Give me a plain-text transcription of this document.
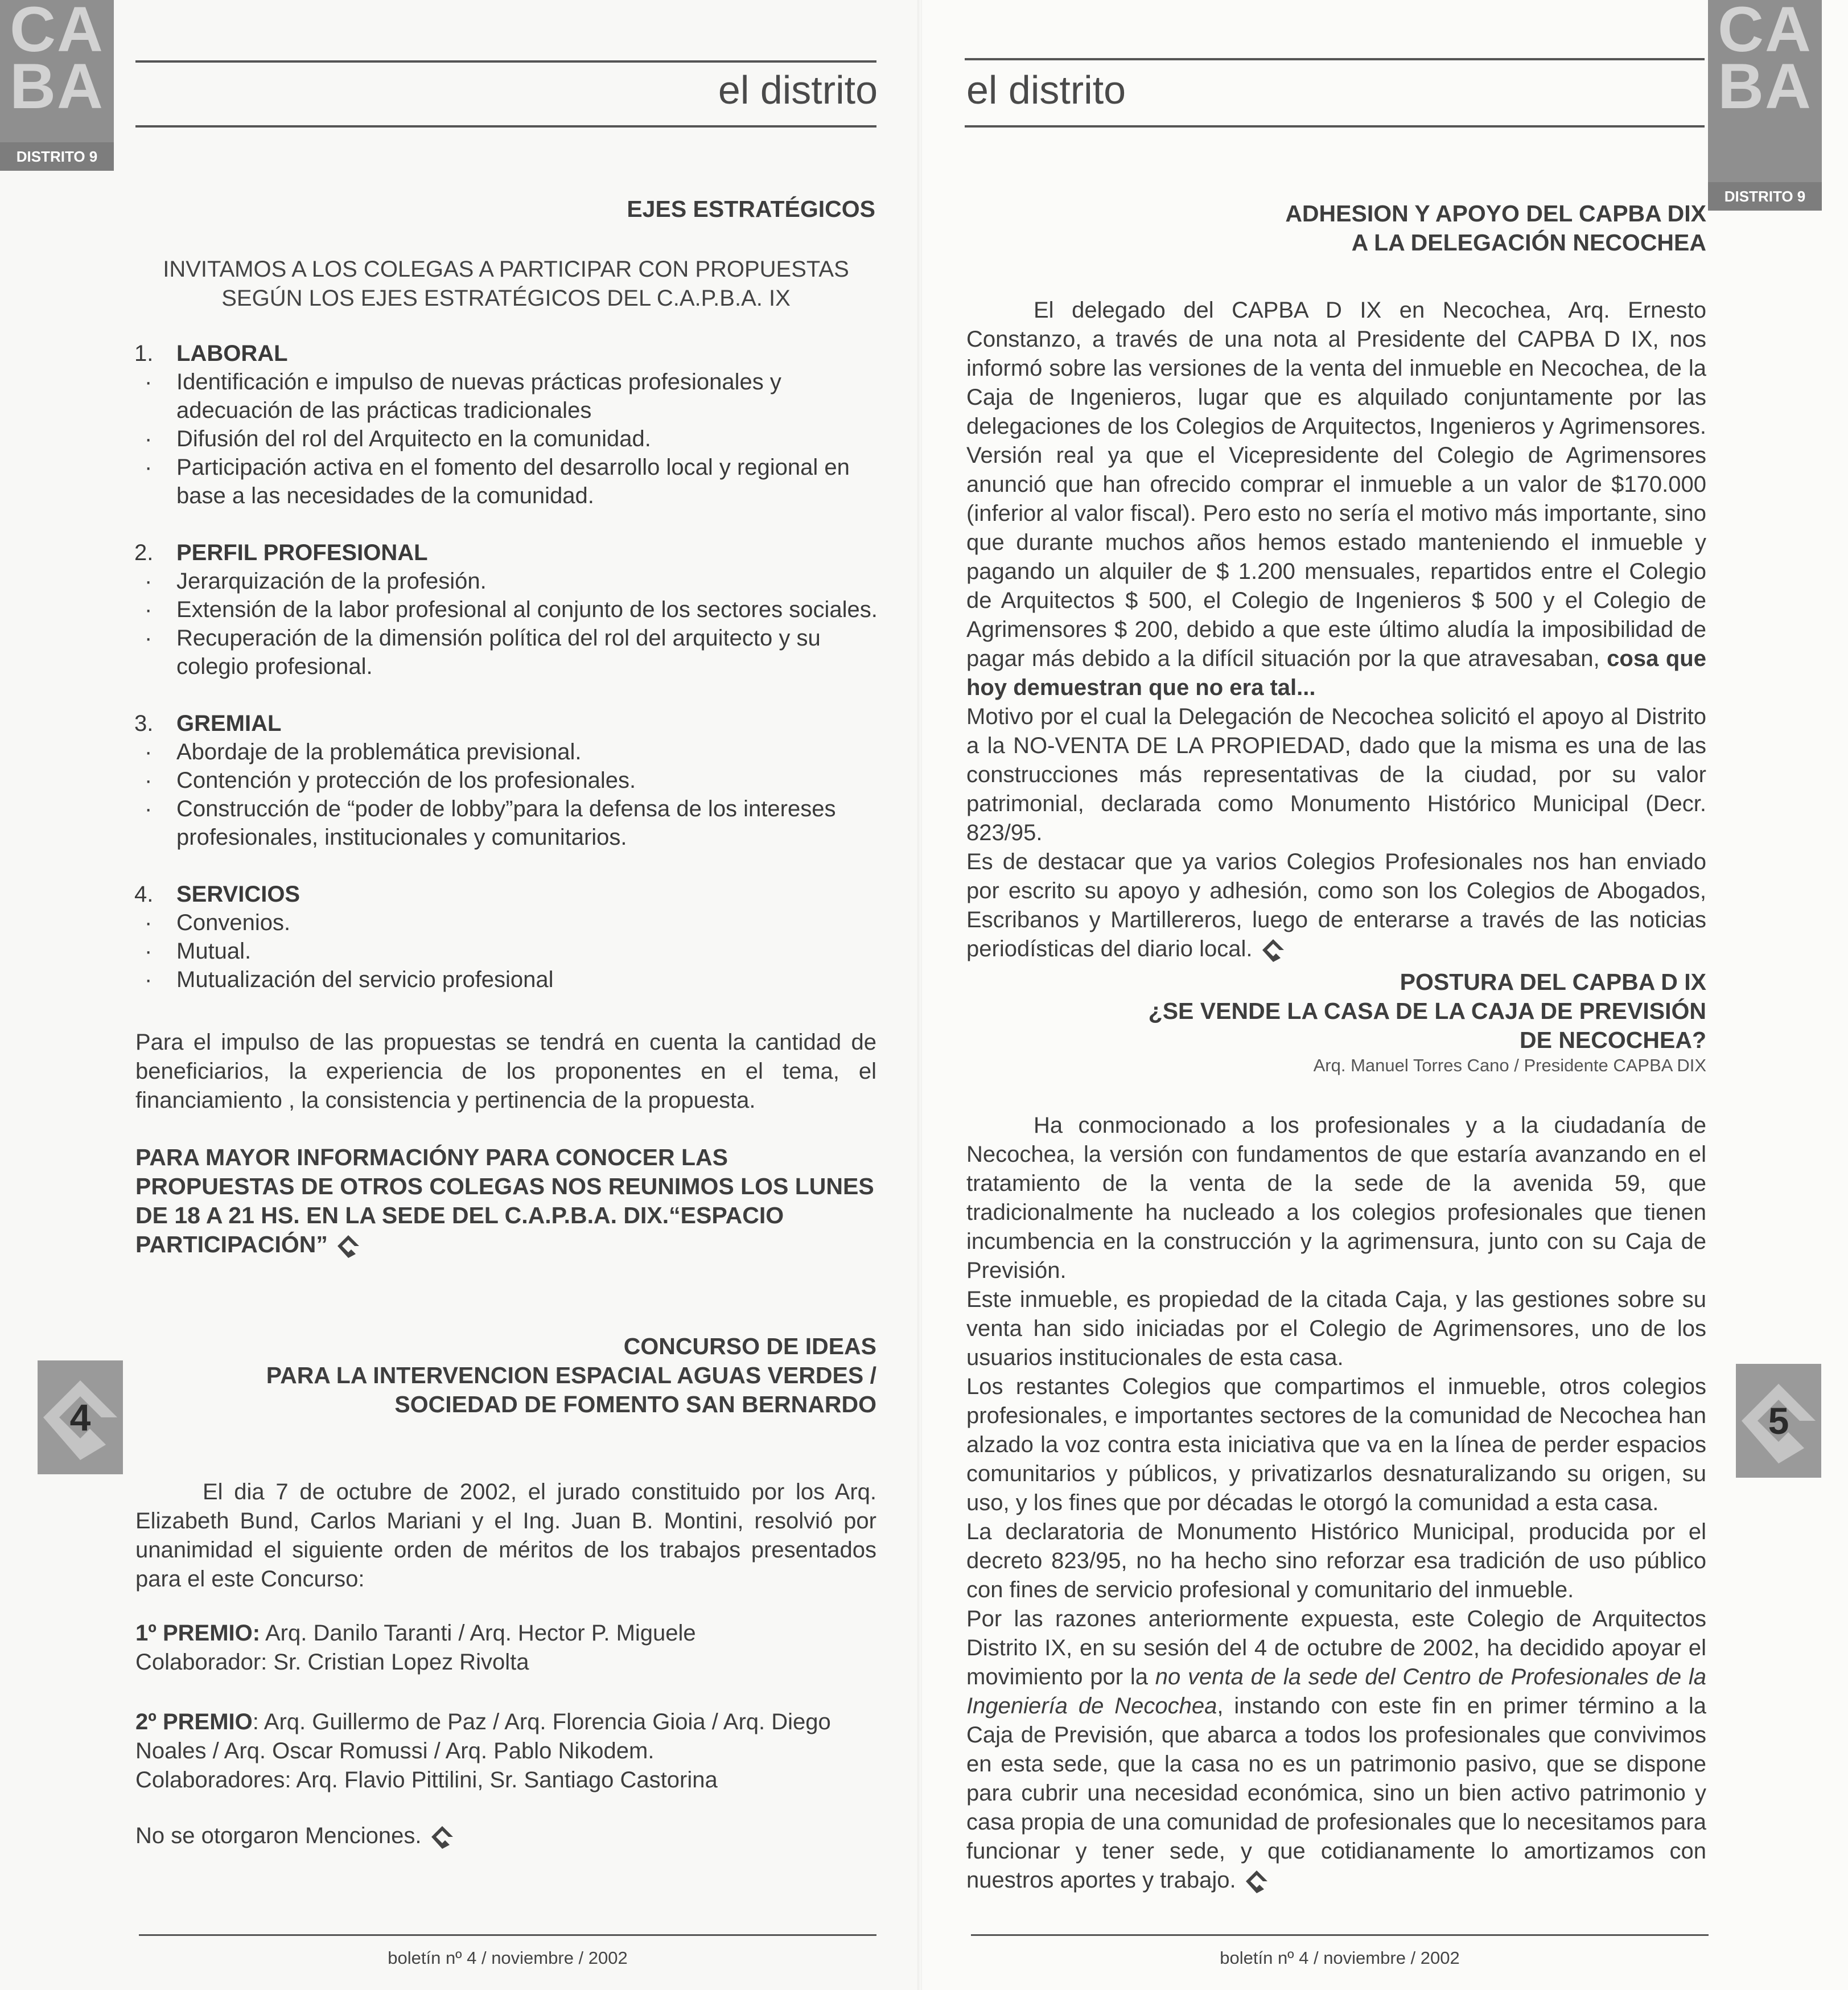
CA
BA
DISTRITO 9
el distrito
EJES ESTRATÉGICOS
INVITAMOS A LOS COLEGAS A PARTICIPAR CON PROPUESTAS
SEGÚN LOS EJES ESTRATÉGICOS DEL C.A.P.B.A. IX
1. LABORAL
· Identificación e impulso de nuevas prácticas profesionales y adecuación de las prácticas tradicionales
· Difusión del rol del Arquitecto en la comunidad.
· Participación activa en el fomento del desarrollo local y regional en base a las necesidades de la comunidad.
2. PERFIL PROFESIONAL
· Jerarquización de la profesión.
· Extensión de la labor profesional al conjunto de los sectores sociales.
· Recuperación de la dimensión política del rol del arquitecto y su colegio profesional.
3. GREMIAL
· Abordaje de la problemática previsional.
· Contención y protección de los profesionales.
· Construcción de “poder de lobby”para la defensa de los intereses profesionales, institucionales y comunitarios.
4. SERVICIOS
· Convenios.
· Mutual.
· Mutualización del servicio profesional

Para el impulso de las propuestas se tendrá en cuenta la cantidad de beneficiarios, la experiencia de los proponentes en el tema, el financiamiento , la consistencia y pertinencia de la propuesta.

PARA MAYOR INFORMACIÓNY PARA CONOCER LAS PROPUESTAS DE OTROS COLEGAS NOS REUNIMOS LOS LUNES DE 18 A 21 HS. EN LA SEDE DEL C.A.P.B.A. DIX.“ESPACIO PARTICIPACIÓN”
CONCURSO DE IDEAS
PARA LA INTERVENCION ESPACIAL AGUAS VERDES /
SOCIEDAD DE FOMENTO SAN BERNARDO
4

El dia 7 de octubre de 2002, el jurado constituido por los Arq. Elizabeth Bund, Carlos Mariani y el Ing. Juan B. Montini, resolvió por unanimidad el siguiente orden de méritos de los trabajos presentados para el este Concurso:

1º PREMIO: Arq. Danilo Taranti / Arq. Hector P. Miguele
Colaborador: Sr. Cristian Lopez Rivolta
2º PREMIO: Arq. Guillermo de Paz / Arq. Florencia Gioia / Arq. Diego Noales / Arq. Oscar Romussi / Arq. Pablo Nikodem.
Colaboradores: Arq. Flavio Pittilini, Sr. Santiago Castorina
No se otorgaron Menciones.
boletín nº 4 / noviembre / 2002
CA
BA
DISTRITO 9
el distrito
ADHESION Y APOYO DEL CAPBA DIX
A LA DELEGACIÓN NECOCHEA
El delegado del CAPBA D IX en Necochea, Arq. Ernesto Constanzo, a través de una nota al Presidente del CAPBA D IX, nos informó sobre las versiones de la venta del inmueble en Necochea, de la Caja de Ingenieros, lugar que es alquilado conjuntamente por las delegaciones de los Colegios de Arquitectos, Ingenieros y Agrimensores. Versión real ya que el Vicepresidente del Colegio de Agrimensores anunció que han ofrecido comprar el inmueble a un valor de $170.000 (inferior al valor fiscal). Pero esto no sería el motivo más importante, sino que durante muchos años hemos estado manteniendo el inmueble y pagando un alquiler de $ 1.200 mensuales, repartidos entre el Colegio de Arquitectos $ 500, el Colegio de Ingenieros $ 500 y el Colegio de Agrimensores $ 200, debido a que este último aludía la imposibilidad de pagar más debido a la difícil situación por la que atravesaban, cosa que hoy demuestran que no era tal...
Motivo por el cual la Delegación de Necochea solicitó el apoyo al Distrito a la NO-VENTA DE LA PROPIEDAD, dado que la misma es una de las construcciones más representativas de la ciudad, por su valor patrimonial, declarada como Monumento Histórico Municipal (Decr. 823/95.
Es de destacar que ya varios Colegios Profesionales nos han enviado por escrito su apoyo y adhesión, como son los Colegios de Abogados, Escribanos y Martillereros, luego de enterarse a través de las noticias periodísticas del diario local.
POSTURA DEL CAPBA D IX
¿SE VENDE LA CASA DE LA CAJA DE PREVISIÓN
DE NECOCHEA?
Arq. Manuel Torres Cano / Presidente CAPBA DIX
Ha conmocionado a los profesionales y a la ciudadanía de Necochea, la versión con fundamentos de que estaría avanzando en el tratamiento de la venta de la sede de la avenida 59, que tradicionalmente ha nucleado a los colegios profesionales que tienen incumbencia en la construcción y la agrimensura, junto con su Caja de Previsión.
Este inmueble, es propiedad de la citada Caja, y las gestiones sobre su venta han sido iniciadas por el Colegio de Agrimensores, uno de los usuarios institucionales de esta casa.
Los restantes Colegios que compartimos el inmueble, otros colegios profesionales, e importantes sectores de la comunidad de Necochea han alzado la voz contra esta iniciativa que va en la línea de perder espacios comunitarios y públicos, y privatizarlos desnaturalizando su origen, su uso, y los fines que por décadas le otorgó la comunidad a esta casa.
La declaratoria de Monumento Histórico Municipal, producida por el decreto 823/95, no ha hecho sino reforzar esa tradición de uso público con fines de servicio profesional y comunitario del inmueble.
Por las razones anteriormente expuesta, este Colegio de Arquitectos Distrito IX, en su sesión del 4 de octubre de 2002, ha decidido apoyar el movimiento por la no venta de la sede del Centro de Profesionales de la Ingeniería de Necochea, instando con este fin en primer término a la Caja de Previsión, que abarca a todos los profesionales que convivimos en esta sede, que la casa no es un patrimonio pasivo, que se dispone para cubrir una necesidad económica, sino un bien activo patrimonio y casa propia de una comunidad de profesionales que lo necesitamos para funcionar y tener sede, y que cotidianamente lo amortizamos con nuestros aportes y trabajo.
5
boletín nº 4 / noviembre / 2002
